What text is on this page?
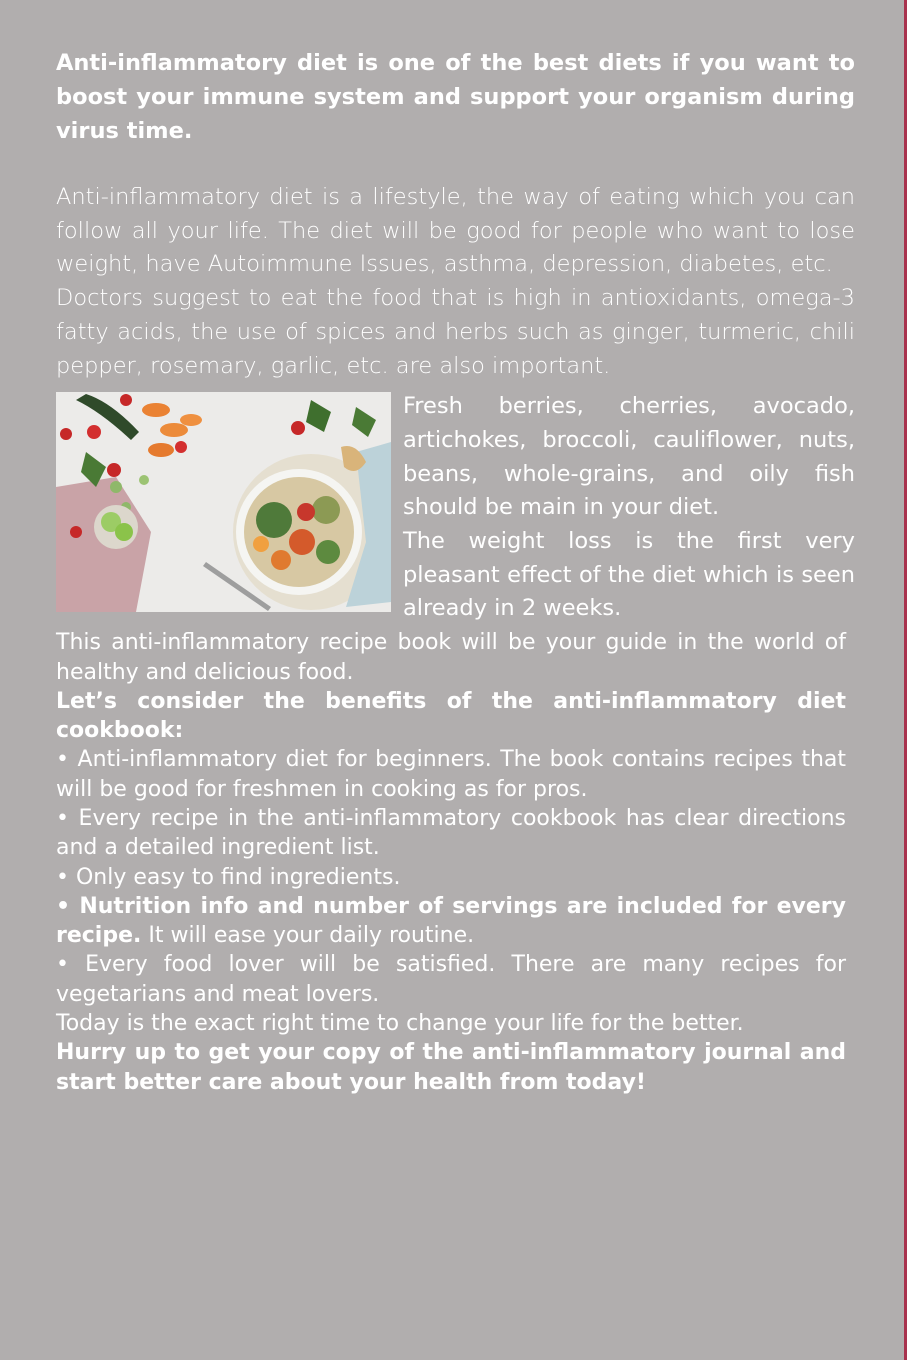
Anti-inflammatory diet is one of the best diets if you want to boost your immune system and support your organism during virus time.

Anti-inflammatory diet is a lifestyle, the way of eating which you can follow all your life. The diet will be good for people who want to lose weight, have Autoimmune Issues, asthma, depression, diabetes, etc.

Doctors suggest to eat the food that is high in antioxidants, omega-3 fatty acids, the use of spices and herbs such as ginger, turmeric, chili pepper, rosemary, garlic, etc. are also important.

Fresh berries, cherries, avocado, artichokes, broccoli, cauliflower, nuts, beans, whole-grains, and oily fish should be main in your diet.
The weight loss is the first very pleasant effect of the diet which is seen already in 2 weeks.

This anti-inflammatory recipe book will be your guide in the world of healthy and delicious food.

Let’s consider the benefits of the anti-inflammatory diet cookbook:

• Anti-inflammatory diet for beginners. The book contains recipes that will be good for freshmen in cooking as for pros.

• Every recipe in the anti-inflammatory cookbook has clear directions and a detailed ingredient list.

• Only easy to find ingredients.

• Nutrition info and number of servings are included for every recipe. It will ease your daily routine.

• Every food lover will be satisfied. There are many recipes for vegetarians and meat lovers.

Today is the exact right time to change your life for the better.

Hurry up to get your copy of the anti-inflammatory journal and start better care about your health from today!
